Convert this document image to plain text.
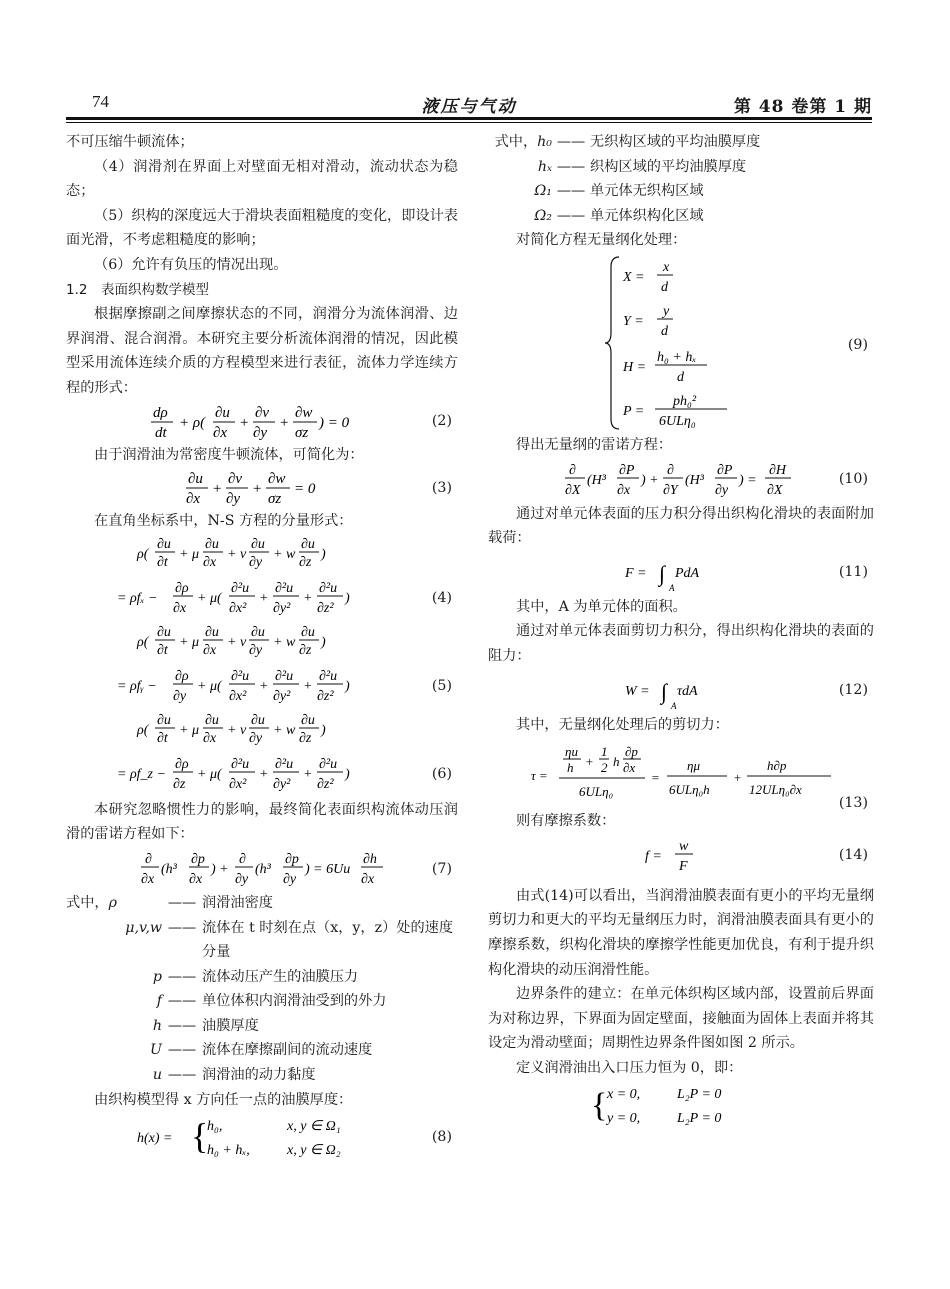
74	液压与气动	第 48 卷第 1 期

不可压缩牛顿流体；

（4）润滑剂在界面上对壁面无相对滑动，流动状态为稳态；

（5）织构的深度远大于滑块表面粗糙度的变化，即设计表面光滑，不考虑粗糙度的影响；

（6）允许有负压的情况出现。

1.2　表面织构数学模型

根据摩擦副之间摩擦状态的不同，润滑分为流体润滑、边界润滑、混合润滑。本研究主要分析流体润滑的情况，因此模型采用流体连续介质的方程模型来进行表征，流体力学连续方程的形式：

dρ
dt
+ ρ(
∂u
∂x
+
∂v
∂y
+
∂w
σz
) = 0	(2)

由于润滑油为常密度牛顿流体，可简化为：

∂u
∂x
+
∂v
∂y
+
∂w
σz
= 0	(3)

在直角坐标系中，N-S 方程的分量形式：

ρ(
∂u
∂t
+ μ
∂u
∂x
+ v
∂u
∂y
+ w
∂u
∂z
)
= ρfₓ −
∂ρ
∂x
+ μ(
∂²u
∂x²
+
∂²u
∂y²
+
∂²u
∂z²
)	(4)
ρ(
∂u
∂t
+ μ
∂u
∂x
+ v
∂u
∂y
+ w
∂u
∂z
)
= ρfᵧ −
∂ρ
∂y
+ μ(
∂²u
∂x²
+
∂²u
∂y²
+
∂²u
∂z²
)	(5)
ρ(
∂u
∂t
+ μ
∂u
∂x
+ v
∂u
∂y
+ w
∂u
∂z
)
= ρf_z −
∂ρ
∂z
+ μ(
∂²u
∂x²
+
∂²u
∂y²
+
∂²u
∂z²
)	(6)

本研究忽略惯性力的影响，最终简化表面织构流体动压润滑的雷诺方程如下：

∂
∂x
(h³
∂p
∂x
) +
∂
∂y
(h³
∂p
∂y
) = 6Uu
∂h
∂x
(7)
式中，ρ	—— 润滑油密度
μ,v,w —— 流体在 t 时刻在点（x，y，z）处的速度分量
p —— 流体动压产生的油膜压力
f —— 单位体积内润滑油受到的外力
h —— 油膜厚度
U —— 流体在摩擦副间的流动速度
u —— 润滑油的动力黏度

由织构模型得 x 方向任一点的油膜厚度：

h(x) = {
h₀,	x, y ∈ Ω₁
h₀ + hₓ,	x, y ∈ Ω₂
(8)
式中，h₀ —— 无织构区域的平均油膜厚度
hₓ —— 织构区域的平均油膜厚度
Ω₁ —— 单元体无织构区域
Ω₂ —— 单元体织构化区域

对简化方程无量纲化处理：

X =
x
d
Y =
y
d
H =
h₀ + hₓ
d
P =
ph₀²
6ULη₀
(9)

得出无量纲的雷诺方程：

∂
∂X
(H³
∂P
∂x
) +
∂
∂Y
(H³
∂P
∂y
) =
∂H
∂X
(10)

通过对单元体表面的压力积分得出织构化滑块的表面附加载荷：

F = ∫
A
PdA	(11)

其中，A 为单元体的面积。

通过对单元体表面剪切力积分，得出织构化滑块的表面的阻力：

W = ∫
A
τdA	(12)

其中，无量纲化处理后的剪切力：

τ =
ηu
h +
1
2 h
∂p
∂x
6ULη₀
=
ημ
6ULη₀h
+
h∂p
12ULη₀∂x
(13)

则有摩擦系数：

f =
w
F
(14)

由式(14)可以看出，当润滑油膜表面有更小的平均无量纲剪切力和更大的平均无量纲压力时，润滑油膜表面具有更小的摩擦系数，织构化滑块的摩擦学性能更加优良，有利于提升织构化滑块的动压润滑性能。

边界条件的建立：在单元体织构区域内部，设置前后界面为对称边界，下界面为固定壁面，接触面为固体上表面并将其设定为滑动壁面；周期性边界条件图如图 2 所示。

定义润滑油出入口压力恒为 0，即：

{ x = 0,	L₂P = 0
y = 0,	L₂P = 0
